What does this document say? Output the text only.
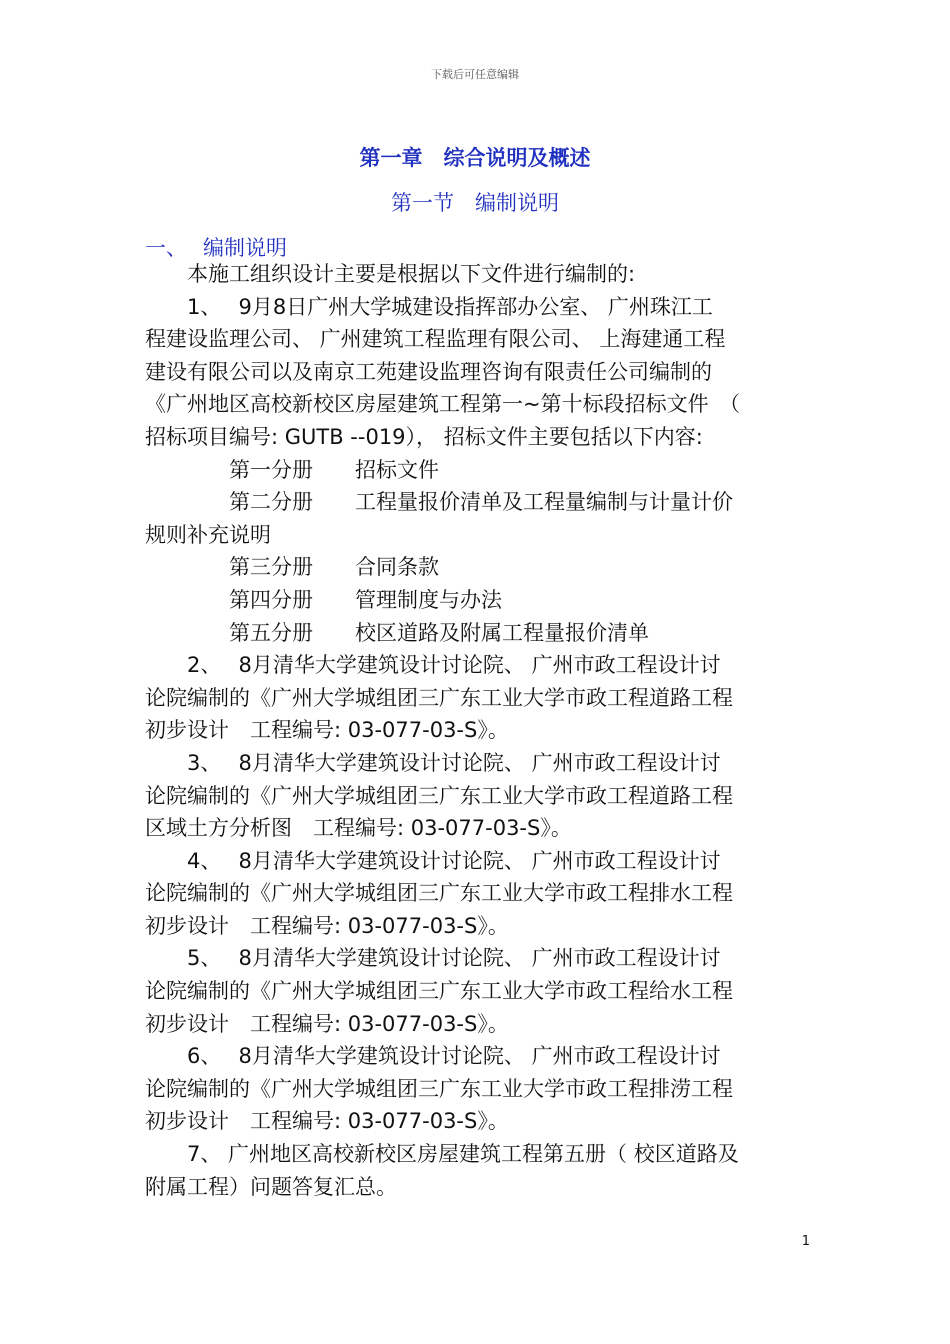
下载后可任意编辑
第一章　综合说明及概述
第一节　编制说明
一、 编制说明
　　本施工组织设计主要是根据以下文件进行编制的:
　　1、　 9月8日广州大学城建设指挥部办公室、 广州珠江工
程建设监理公司、 广州建筑工程监理有限公司、 上海建通工程
建设有限公司以及南京工苑建设监理咨询有限责任公司编制的
《广州地区高校新校区房屋建筑工程第一~第十标段招标文件　（
招标项目编号: GUTB --019）， 招标文件主要包括以下内容:
　　　　第一分册　　招标文件
　　　　第二分册　　工程量报价清单及工程量编制与计量计价
规则补充说明
　　　　第三分册　　合同条款
　　　　第四分册　　管理制度与办法
　　　　第五分册　　校区道路及附属工程量报价清单
　　2、　 8月清华大学建筑设计讨论院、 广州市政工程设计讨
论院编制的《广州大学城组团三广东工业大学市政工程道路工程
初步设计　工程编号: 03-077-03-S》。
　　3、　 8月清华大学建筑设计讨论院、 广州市政工程设计讨
论院编制的《广州大学城组团三广东工业大学市政工程道路工程
区域土方分析图　工程编号: 03-077-03-S》。
　　4、　 8月清华大学建筑设计讨论院、 广州市政工程设计讨
论院编制的《广州大学城组团三广东工业大学市政工程排水工程
初步设计　工程编号: 03-077-03-S》。
　　5、　 8月清华大学建筑设计讨论院、 广州市政工程设计讨
论院编制的《广州大学城组团三广东工业大学市政工程给水工程
初步设计　工程编号: 03-077-03-S》。
　　6、　 8月清华大学建筑设计讨论院、 广州市政工程设计讨
论院编制的《广州大学城组团三广东工业大学市政工程排涝工程
初步设计　工程编号: 03-077-03-S》。
　　7、 广州地区高校新校区房屋建筑工程第五册（ 校区道路及
附属工程）问题答复汇总。
1
